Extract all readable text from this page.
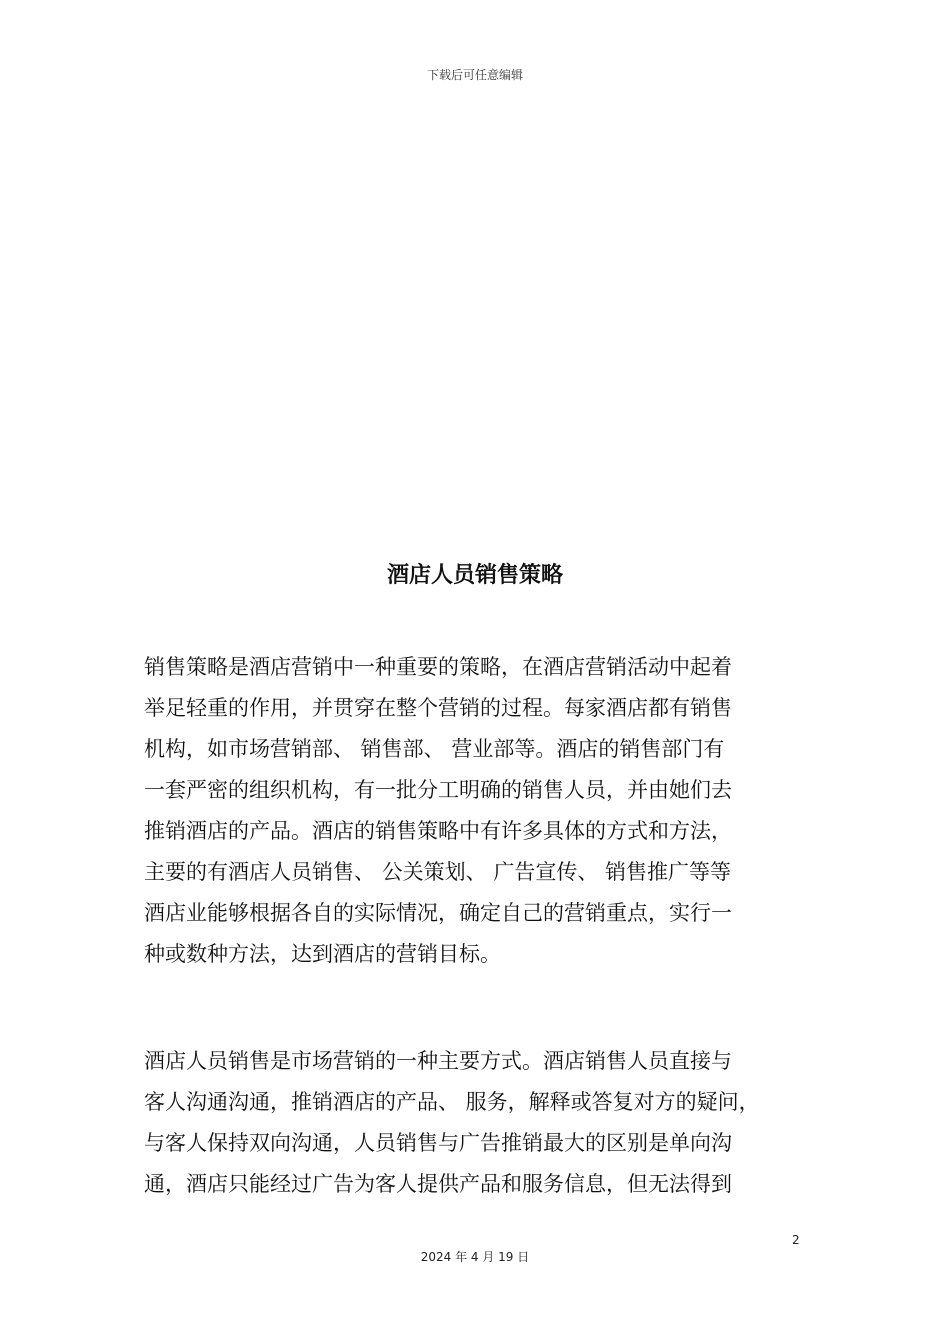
下载后可任意编辑
酒店人员销售策略
销售策略是酒店营销中一种重要的策略，在酒店营销活动中起着
举足轻重的作用，并贯穿在整个营销的过程。每家酒店都有销售
机构，如市场营销部、 销售部、 营业部等。酒店的销售部门有
一套严密的组织机构，有一批分工明确的销售人员，并由她们去
推销酒店的产品。酒店的销售策略中有许多具体的方式和方法，
主要的有酒店人员销售、 公关策划、 广告宣传、 销售推广等等
酒店业能够根据各自的实际情况，确定自己的营销重点，实行一
种或数种方法，达到酒店的营销目标。
酒店人员销售是市场营销的一种主要方式。酒店销售人员直接与
客人沟通沟通，推销酒店的产品、 服务，解释或答复对方的疑问，
与客人保持双向沟通，人员销售与广告推销最大的区别是单向沟
通，酒店只能经过广告为客人提供产品和服务信息，但无法得到
2
2024 年 4 月 19 日
